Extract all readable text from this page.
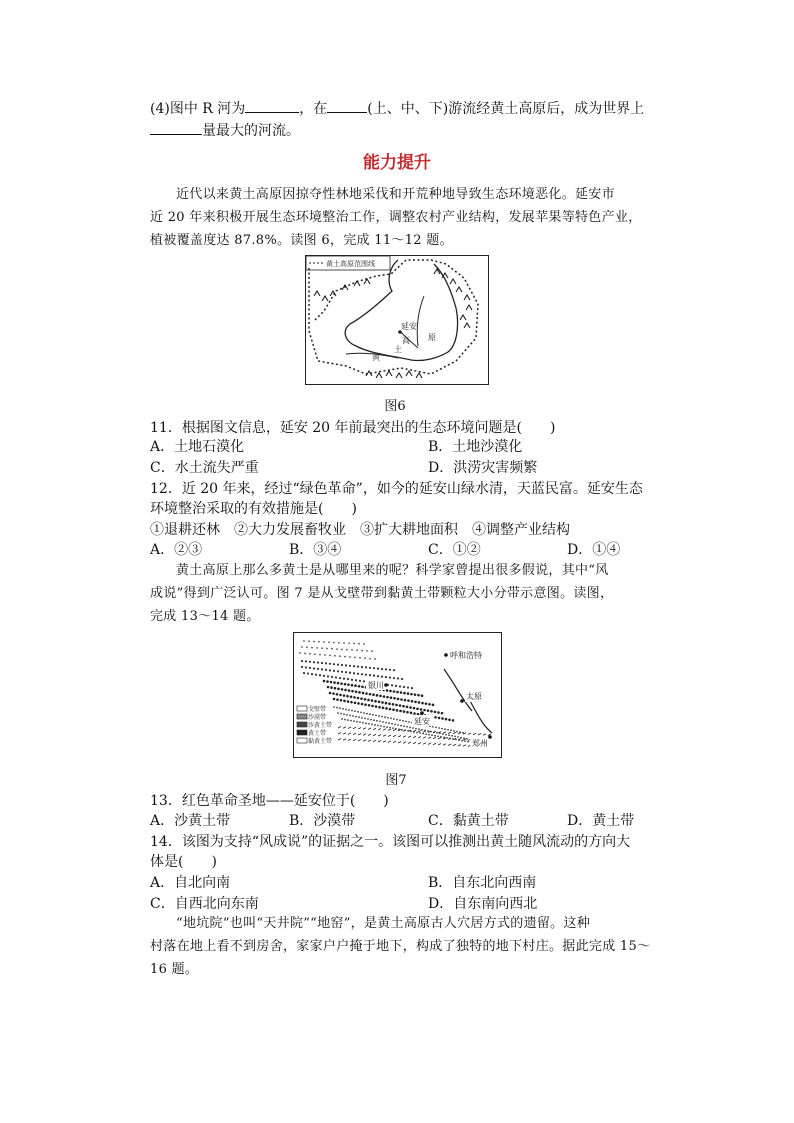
(4)图中 R 河为	，在	(上、中、下)游流经黄土高原后，成为世界上
量最大的河流。
能力提升
近代以来黄土高原因掠夺性林地采伐和开荒种地导致生态环境恶化。延安市
近 20 年来积极开展生态环境整治工作，调整农村产业结构，发展苹果等特色产业，
植被覆盖度达 87.8%。读图 6，完成 11～12 题。
黄土高原范围线
延安
高 原
土
黄
图6
11．根据图文信息，延安 20 年前最突出的生态环境问题是(　　)
A．土地石漠化	B．土地沙漠化
C．水土流失严重	D．洪涝灾害频繁
12．近 20 年来，经过“绿色革命”，如今的延安山绿水清，天蓝民富。延安生态
环境整治采取的有效措施是(　　)
①退耕还林　②大力发展畜牧业　③扩大耕地面积　④调整产业结构
A．②③	B．③④	C．①②	D．①④
黄土高原上那么多黄土是从哪里来的呢？科学家曾提出很多假说，其中“风
成说”得到广泛认可。图 7 是从戈壁带到黏黄土带颗粒大小分带示意图。读图，
完成 13～14 题。
戈壁带
沙漠带
沙黄土带
黄土带
黏黄土带
呼和浩特
银川
太原
延安
郑州
图7
13．红色革命圣地——延安位于(　　)
A．沙黄土带	B．沙漠带	C．黏黄土带	D．黄土带
14．该图为支持“风成说”的证据之一。该图可以推测出黄土随风流动的方向大
体是(　　)
A．自北向南	B．自东北向西南
C．自西北向东南	D．自东南向西北
“地坑院”也叫“天井院”“地窑”，是黄土高原古人穴居方式的遗留。这种
村落在地上看不到房舍，家家户户掩于地下，构成了独特的地下村庄。据此完成 15～
16 题。
